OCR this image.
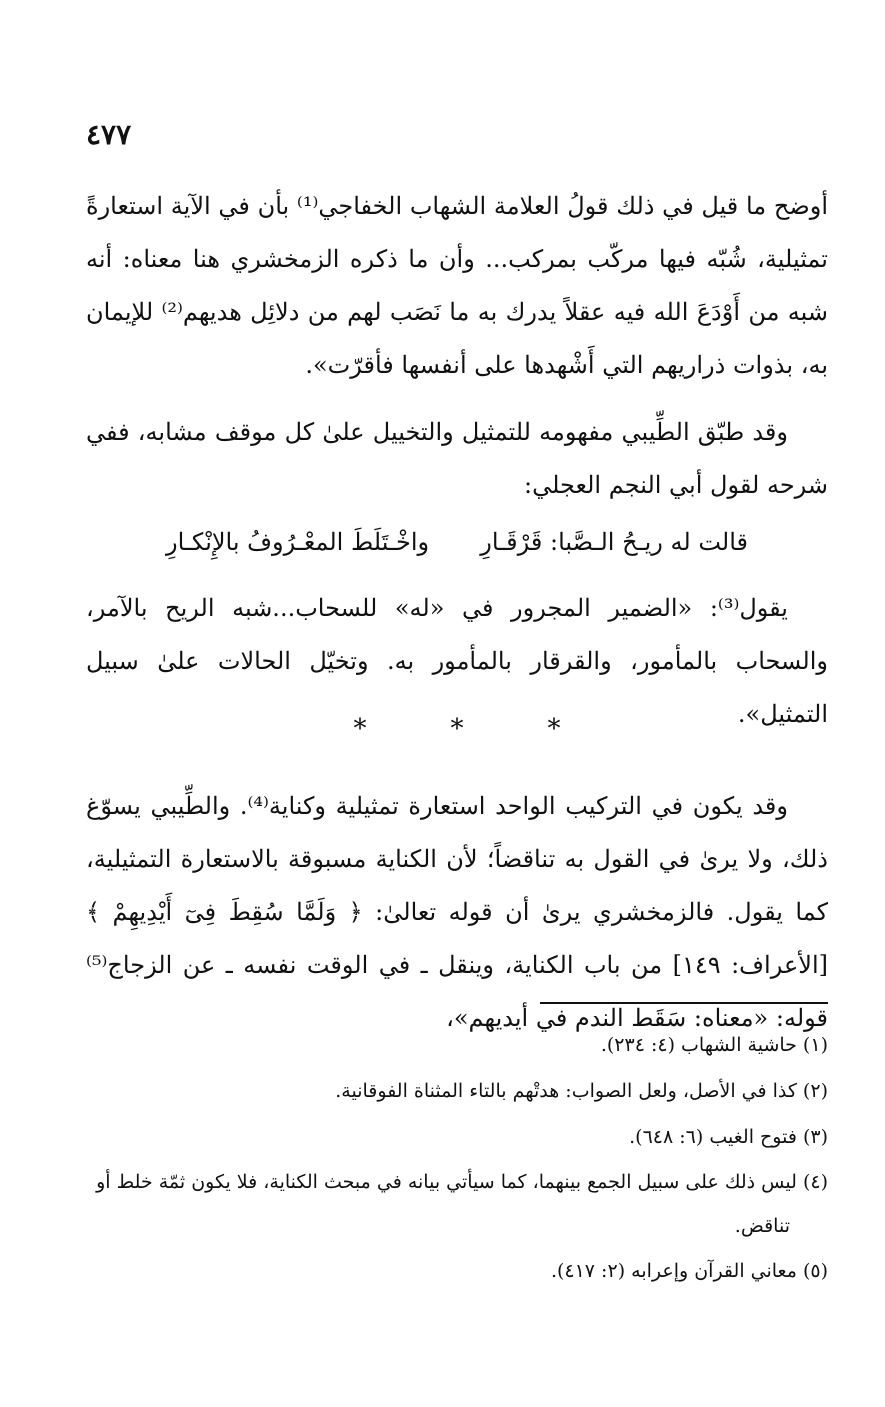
٤٧٧

أوضح ما قيل في ذلك قولُ العلامة الشهاب الخفاجي⁽¹⁾ بأن في الآية استعارةً تمثيلية، شُبّه فيها مركّب بمركب... وأن ما ذكره الزمخشري هنا معناه: أنه شبه من أَوْدَعَ الله فيه عقلاً يدرك به ما نَصَب لهم من دلائِل هديهم⁽²⁾ للإيمان به، بذوات ذراريهم التي أَشْهدها على أنفسها فأقرّت».

وقد طبّق الطِّيبي مفهومه للتمثيل والتخييل علىٰ كل موقف مشابه، ففي شرحه لقول أبي النجم العجلي:

قالت له ريـحُ الـصَّبا: قَرْقَـارِ
واخْـتَلَطَ المعْـرُوفُ بالإِنْكـارِ

يقول⁽³⁾: «الضمير المجرور في «له» للسحاب...شبه الريح بالآمر، والسحاب بالمأمور، والقرقار بالمأمور به. وتخيّل الحالات علىٰ سبيل التمثيل».

* * *

وقد يكون في التركيب الواحد استعارة تمثيلية وكناية⁽⁴⁾. والطِّيبي يسوّغ ذلك، ولا يرىٰ في القول به تناقضاً؛ لأن الكناية مسبوقة بالاستعارة التمثيلية، كما يقول. فالزمخشري يرىٰ أن قوله تعالىٰ: ﴿ وَلَمَّا سُقِطَ فِىٓ أَيْدِيهِمْ ﴾ [الأعراف: ١٤٩] من باب الكناية، وينقل ـ في الوقت نفسه ـ عن الزجاج⁽⁵⁾ قوله: «معناه: سَقَط الندم في أيديهم»،

(١) حاشية الشهاب (٤: ٢٣٤).
(٢) كذا في الأصل، ولعل الصواب: هدتْهم بالتاء المثناة الفوقانية.
(٣) فتوح الغيب (٦: ٦٤٨).
(٤) ليس ذلك على سبيل الجمع بينهما، كما سيأتي بيانه في مبحث الكناية، فلا يكون ثمّة خلط أو
تناقض.
(٥) معاني القرآن وإعرابه (٢: ٤١٧).
